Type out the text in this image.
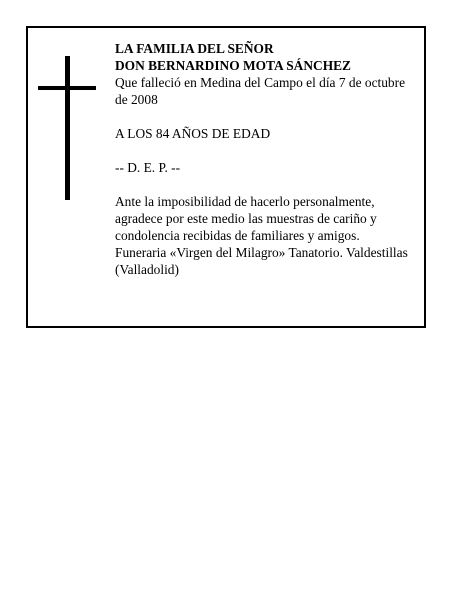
LA FAMILIA DEL SEÑOR

DON BERNARDINO MOTA SÁNCHEZ

Que falleció en Medina del Campo el día 7 de octubre de 2008

A LOS 84 AÑOS DE EDAD

-- D. E. P. --

Ante la imposibilidad de hacerlo personalmente, agradece por este medio las muestras de cariño y condolencia recibidas de familiares y amigos.

Funeraria «Virgen del Milagro» Tanatorio. Valdestillas (Valladolid)
